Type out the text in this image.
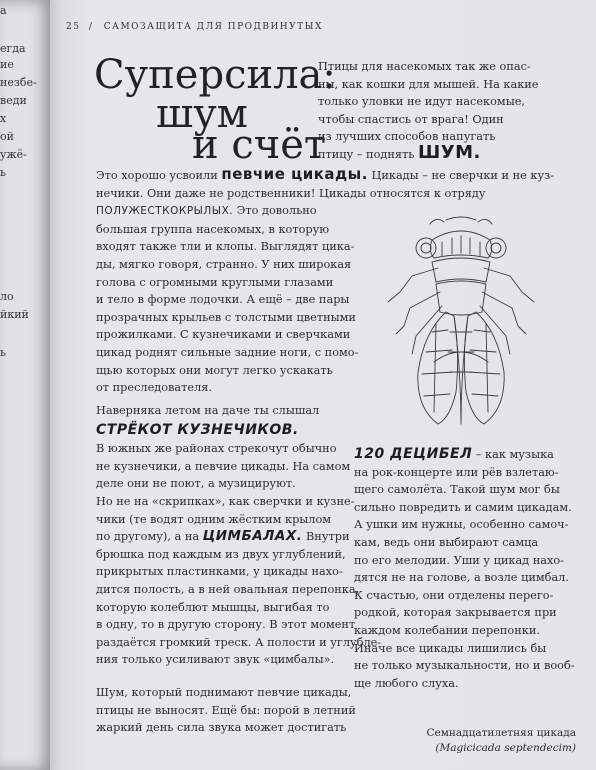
а
егда
ие
незбе-
веди
х
ой
ужё-
ь
ло
йкий
ь
25 / САМОЗАЩИТА ДЛЯ ПРОДВИНУТЫХ
Суперсила:
шум
и счёт
Птицы для насекомых так же опас-
ны, как кошки для мышей. На какие
только уловки не идут насекомые,
чтобы спастись от врага! Один
из лучших способов напугать
птицу – поднять ШУМ.
Это хорошо усвоили певчие цикады. Цикады – не сверчки и не куз-
нечики. Они даже не родственники! Цикады относятся к отряду
ПОЛУЖЕСТКОКРЫЛЫХ. Это довольно
большая группа насекомых, в которую
входят также тли и клопы. Выглядят цика-
ды, мягко говоря, странно. У них широкая
голова с огромными круглыми глазами
и тело в форме лодочки. А ещё – две пары
прозрачных крыльев с толстыми цветными
прожилками. С кузнечиками и сверчками
цикад роднят сильные задние ноги, с помо-
щью которых они могут легко ускакать
от преследователя.
Наверняка летом на даче ты слышал
СТРЁКОТ КУЗНЕЧИКОВ.
В южных же районах стрекочут обычно
не кузнечики, а певчие цикады. На самом
деле они не поют, а музицируют.
Но не на «скрипках», как сверчки и кузне-
чики (те водят одним жёстким крылом
по другому), а на ЦИМБАЛАХ. Внутри
брюшка под каждым из двух углублений,
прикрытых пластинками, у цикады нахо-
дится полость, а в ней овальная перепонка,
которую колеблют мышцы, выгибая то
в одну, то в другую сторону. В этот момент
раздаётся громкий треск. А полости и углубле-
ния только усиливают звук «цимбалы».
Шум, который поднимают певчие цикады,
птицы не выносят. Ещё бы: порой в летний
жаркий день сила звука может достигать
120 ДЕЦИБЕЛ – как музыка
на рок-концерте или рёв взлетаю-
щего самолёта. Такой шум мог бы
сильно повредить и самим цикадам.
А ушки им нужны, особенно самоч-
кам, ведь они выбирают самца
по его мелодии. Уши у цикад нахо-
дятся не на голове, а возле цимбал.
К счастью, они отделены перего-
родкой, которая закрывается при
каждом колебании перепонки.
Иначе все цикады лишились бы
не только музыкальности, но и вооб-
ще любого слуха.
Семнадцатилетняя цикада
(Magicicada septendecim)
